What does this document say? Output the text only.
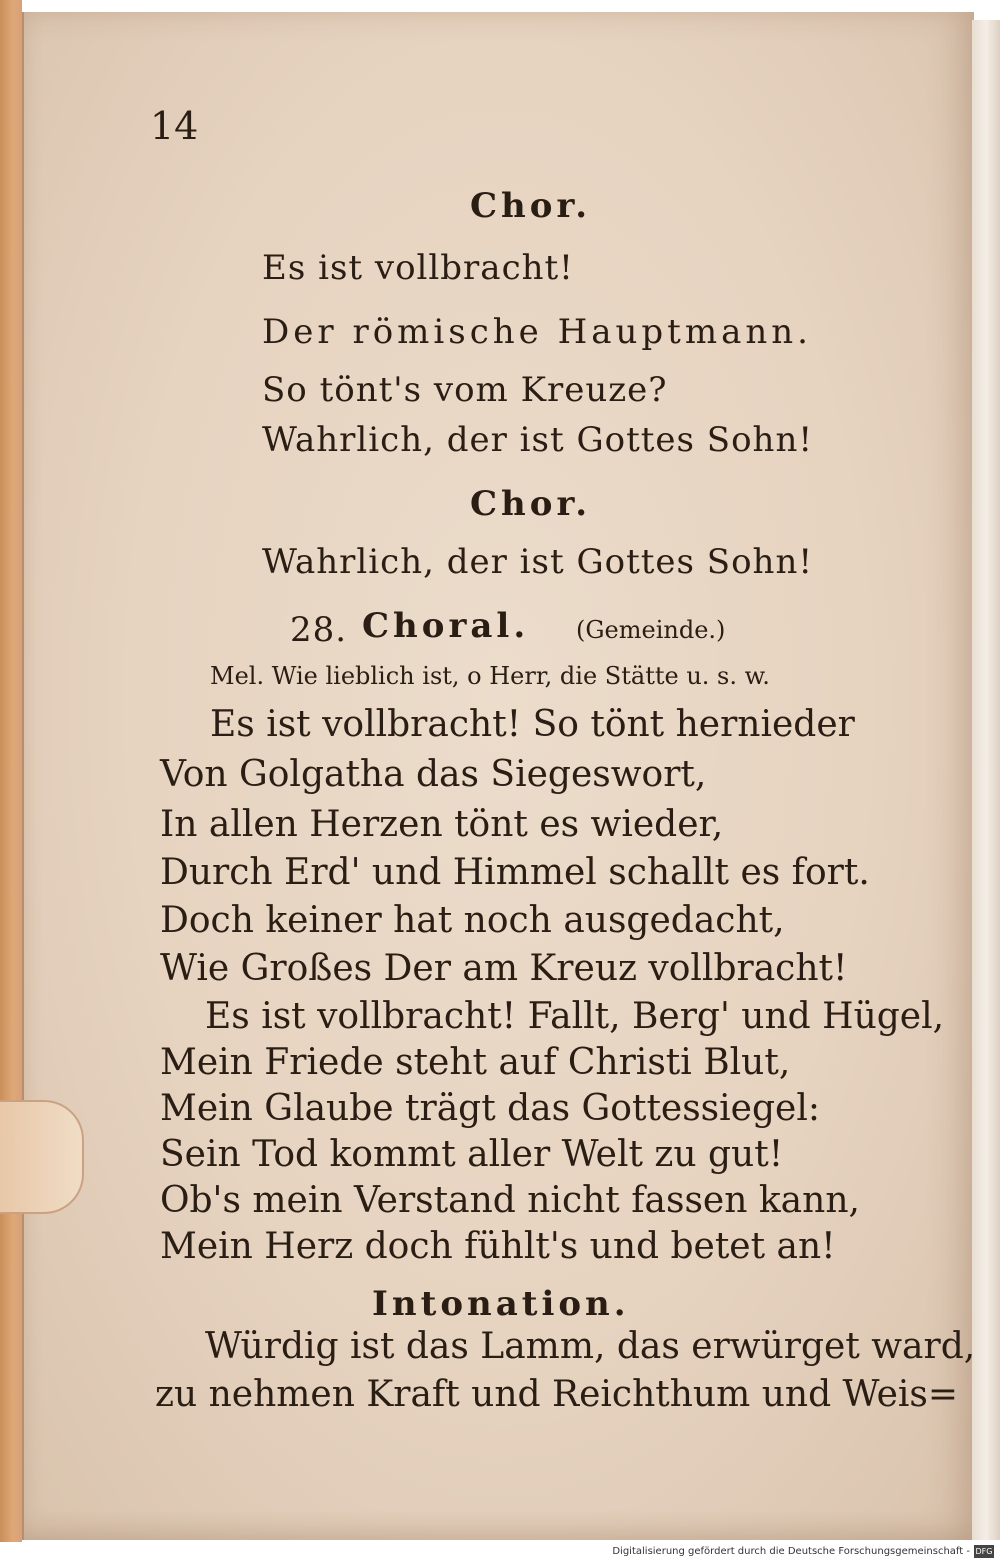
14
Chor.
Es ist vollbracht!
Der römische Hauptmann.
So tönt's vom Kreuze?
Wahrlich, der ist Gottes Sohn!
Chor.
Wahrlich, der ist Gottes Sohn!
28. Choral. (Gemeinde.)
Mel. Wie lieblich ist, o Herr, die Stätte u. s. w.
Es ist vollbracht! So tönt hernieder
Von Golgatha das Siegeswort,
In allen Herzen tönt es wieder,
Durch Erd' und Himmel schallt es fort.
Doch keiner hat noch ausgedacht,
Wie Großes Der am Kreuz vollbracht!
Es ist vollbracht! Fallt, Berg' und Hügel,
Mein Friede steht auf Christi Blut,
Mein Glaube trägt das Gottessiegel:
Sein Tod kommt aller Welt zu gut!
Ob's mein Verstand nicht fassen kann,
Mein Herz doch fühlt's und betet an!
Intonation.
Würdig ist das Lamm, das erwürget ward,
zu nehmen Kraft und Reichthum und Weis=
Digitalisierung gefördert durch die Deutsche Forschungsgemeinschaft - DFG
